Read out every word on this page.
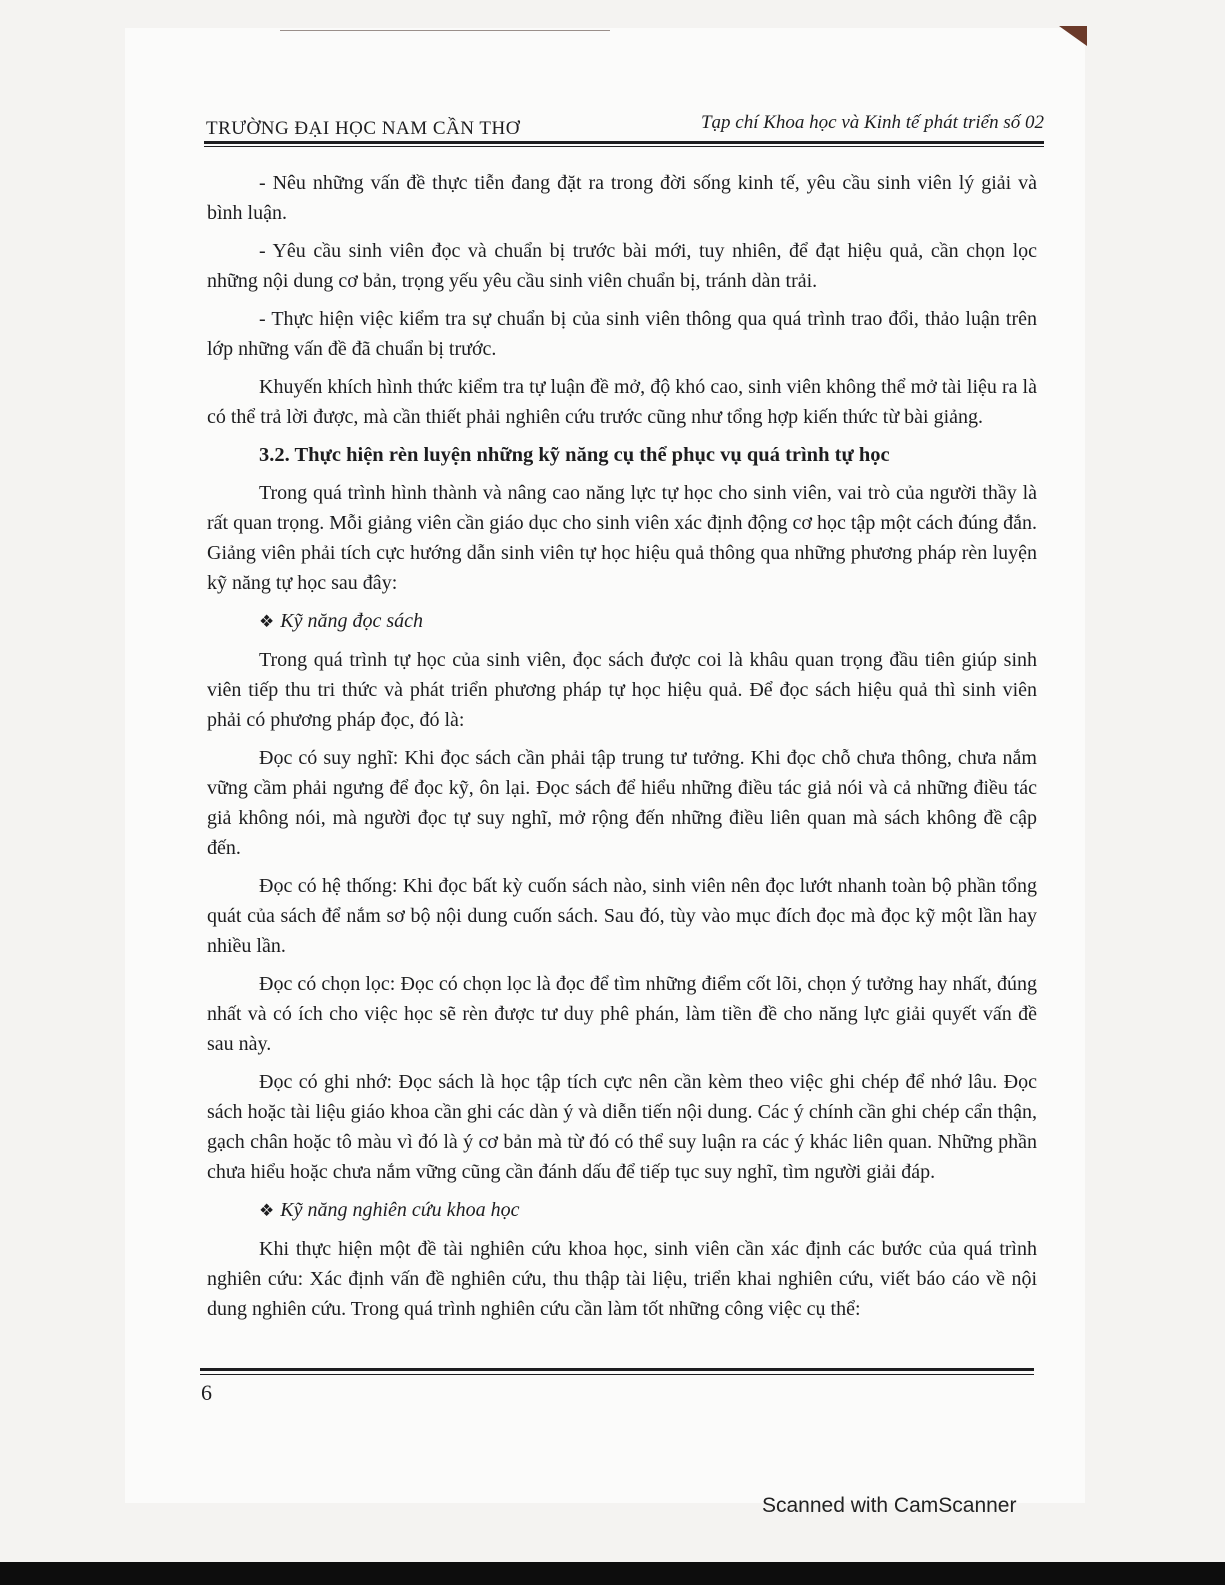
TRƯỜNG ĐẠI HỌC NAM CẦN THƠ	Tạp chí Khoa học và Kinh tế phát triển số 02

- Nêu những vấn đề thực tiễn đang đặt ra trong đời sống kinh tế, yêu cầu sinh viên lý giải và bình luận.

- Yêu cầu sinh viên đọc và chuẩn bị trước bài mới, tuy nhiên, để đạt hiệu quả, cần chọn lọc những nội dung cơ bản, trọng yếu yêu cầu sinh viên chuẩn bị, tránh dàn trải.

- Thực hiện việc kiểm tra sự chuẩn bị của sinh viên thông qua quá trình trao đổi, thảo luận trên lớp những vấn đề đã chuẩn bị trước.

Khuyến khích hình thức kiểm tra tự luận đề mở, độ khó cao, sinh viên không thể mở tài liệu ra là có thể trả lời được, mà cần thiết phải nghiên cứu trước cũng như tổng hợp kiến thức từ bài giảng.

3.2. Thực hiện rèn luyện những kỹ năng cụ thể phục vụ quá trình tự học

Trong quá trình hình thành và nâng cao năng lực tự học cho sinh viên, vai trò của người thầy là rất quan trọng. Mỗi giảng viên cần giáo dục cho sinh viên xác định động cơ học tập một cách đúng đắn. Giảng viên phải tích cực hướng dẫn sinh viên tự học hiệu quả thông qua những phương pháp rèn luyện kỹ năng tự học sau đây:

❖ Kỹ năng đọc sách

Trong quá trình tự học của sinh viên, đọc sách được coi là khâu quan trọng đầu tiên giúp sinh viên tiếp thu tri thức và phát triển phương pháp tự học hiệu quả. Để đọc sách hiệu quả thì sinh viên phải có phương pháp đọc, đó là:

Đọc có suy nghĩ: Khi đọc sách cần phải tập trung tư tưởng. Khi đọc chỗ chưa thông, chưa nắm vững cầm phải ngưng để đọc kỹ, ôn lại. Đọc sách để hiểu những điều tác giả nói và cả những điều tác giả không nói, mà người đọc tự suy nghĩ, mở rộng đến những điều liên quan mà sách không đề cập đến.

Đọc có hệ thống: Khi đọc bất kỳ cuốn sách nào, sinh viên nên đọc lướt nhanh toàn bộ phần tổng quát của sách để nắm sơ bộ nội dung cuốn sách. Sau đó, tùy vào mục đích đọc mà đọc kỹ một lần hay nhiều lần.

Đọc có chọn lọc: Đọc có chọn lọc là đọc để tìm những điểm cốt lõi, chọn ý tưởng hay nhất, đúng nhất và có ích cho việc học sẽ rèn được tư duy phê phán, làm tiền đề cho năng lực giải quyết vấn đề sau này.

Đọc có ghi nhớ: Đọc sách là học tập tích cực nên cần kèm theo việc ghi chép để nhớ lâu. Đọc sách hoặc tài liệu giáo khoa cần ghi các dàn ý và diễn tiến nội dung. Các ý chính cần ghi chép cẩn thận, gạch chân hoặc tô màu vì đó là ý cơ bản mà từ đó có thể suy luận ra các ý khác liên quan. Những phần chưa hiểu hoặc chưa nắm vững cũng cần đánh dấu để tiếp tục suy nghĩ, tìm người giải đáp.

❖ Kỹ năng nghiên cứu khoa học

Khi thực hiện một đề tài nghiên cứu khoa học, sinh viên cần xác định các bước của quá trình nghiên cứu: Xác định vấn đề nghiên cứu, thu thập tài liệu, triển khai nghiên cứu, viết báo cáo về nội dung nghiên cứu. Trong quá trình nghiên cứu cần làm tốt những công việc cụ thể:

6
Scanned with CamScanner
